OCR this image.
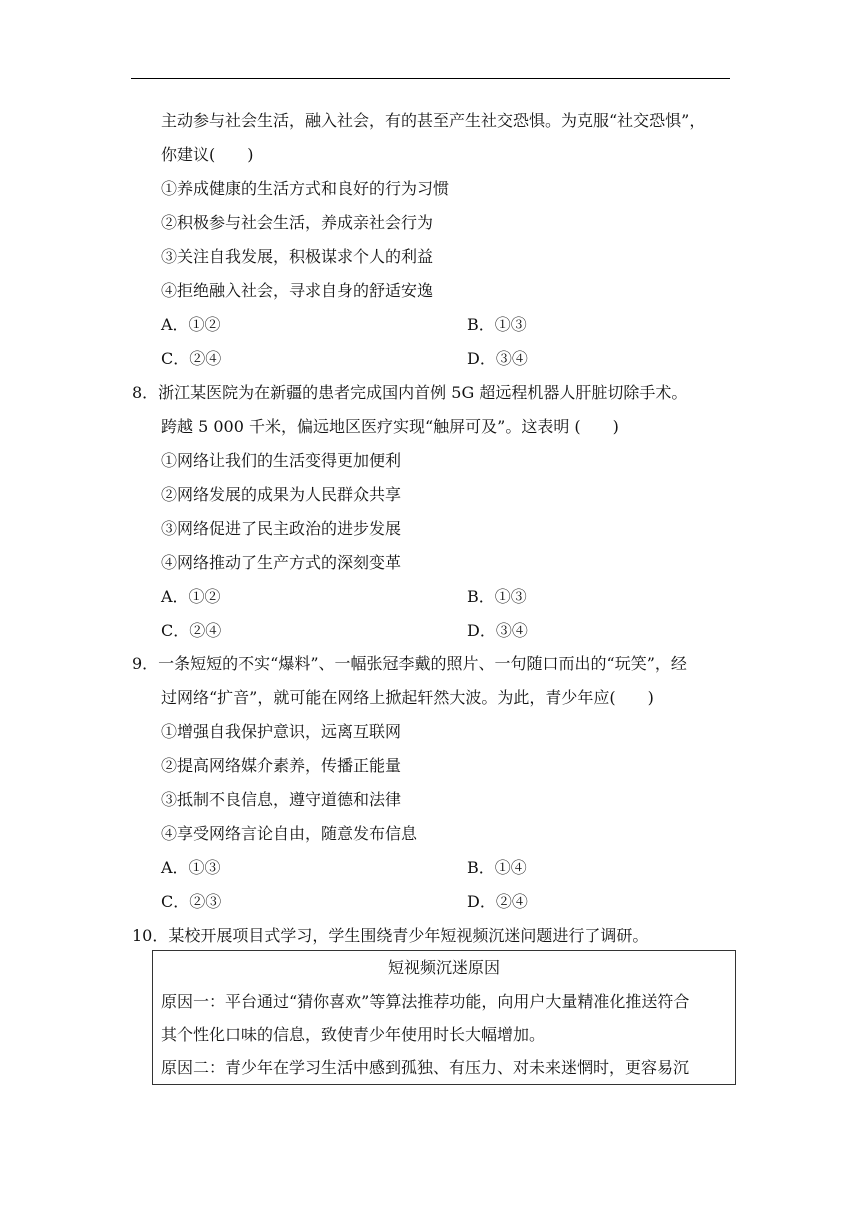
主动参与社会生活，融入社会，有的甚至产生社交恐惧。为克服“社交恐惧”，
你建议(　　)
①养成健康的生活方式和良好的行为习惯
②积极参与社会生活，养成亲社会行为
③关注自我发展，积极谋求个人的利益
④拒绝融入社会，寻求自身的舒适安逸
A．①②	B．①③
C．②④	D．③④
8．浙江某医院为在新疆的患者完成国内首例 5G 超远程机器人肝脏切除手术。
跨越 5 000 千米，偏远地区医疗实现“触屏可及”。这表明 (　　)
①网络让我们的生活变得更加便利
②网络发展的成果为人民群众共享
③网络促进了民主政治的进步发展
④网络推动了生产方式的深刻变革
A．①②	B．①③
C．②④	D．③④
9．一条短短的不实“爆料”、一幅张冠李戴的照片、一句随口而出的“玩笑”，经
过网络“扩音”，就可能在网络上掀起轩然大波。为此，青少年应(　　)
①增强自我保护意识，远离互联网
②提高网络媒介素养，传播正能量
③抵制不良信息，遵守道德和法律
④享受网络言论自由，随意发布信息
A．①③	B．①④
C．②③	D．②④
10．某校开展项目式学习，学生围绕青少年短视频沉迷问题进行了调研。
短视频沉迷原因
原因一：平台通过“猜你喜欢”等算法推荐功能，向用户大量精准化推送符合
其个性化口味的信息，致使青少年使用时长大幅增加。
原因二：青少年在学习生活中感到孤独、有压力、对未来迷惘时，更容易沉
